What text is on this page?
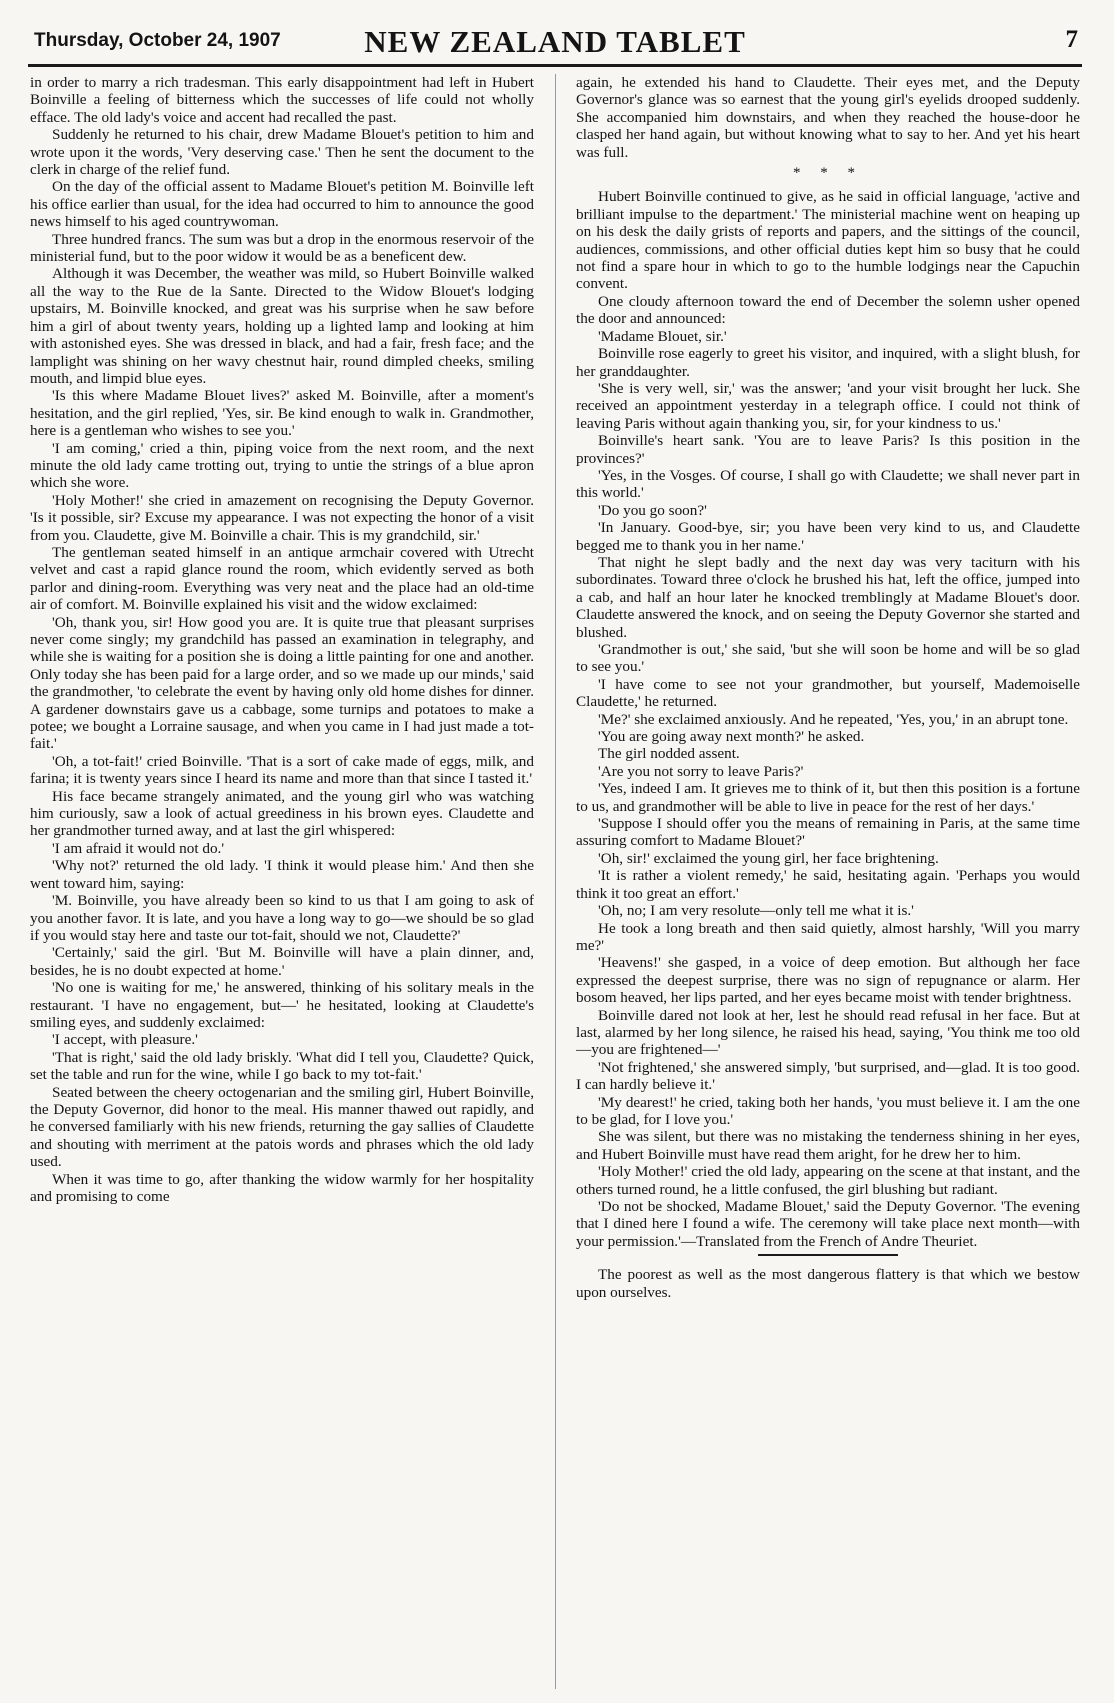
Thursday, October 24, 1907	NEW ZEALAND TABLET	7

in order to marry a rich tradesman. This early disappointment had left in Hubert Boinville a feeling of bitterness which the successes of life could not wholly efface. The old lady's voice and accent had recalled the past.

Suddenly he returned to his chair, drew Madame Blouet's petition to him and wrote upon it the words, 'Very deserving case.' Then he sent the document to the clerk in charge of the relief fund.

On the day of the official assent to Madame Blouet's petition M. Boinville left his office earlier than usual, for the idea had occurred to him to announce the good news himself to his aged countrywoman.

Three hundred francs. The sum was but a drop in the enormous reservoir of the ministerial fund, but to the poor widow it would be as a beneficent dew.

Although it was December, the weather was mild, so Hubert Boinville walked all the way to the Rue de la Sante. Directed to the Widow Blouet's lodging upstairs, M. Boinville knocked, and great was his surprise when he saw before him a girl of about twenty years, holding up a lighted lamp and looking at him with astonished eyes. She was dressed in black, and had a fair, fresh face; and the lamplight was shining on her wavy chestnut hair, round dimpled cheeks, smiling mouth, and limpid blue eyes.

'Is this where Madame Blouet lives?' asked M. Boinville, after a moment's hesitation, and the girl replied, 'Yes, sir. Be kind enough to walk in. Grandmother, here is a gentleman who wishes to see you.'

'I am coming,' cried a thin, piping voice from the next room, and the next minute the old lady came trotting out, trying to untie the strings of a blue apron which she wore.

'Holy Mother!' she cried in amazement on recognising the Deputy Governor. 'Is it possible, sir? Excuse my appearance. I was not expecting the honor of a visit from you. Claudette, give M. Boinville a chair. This is my grandchild, sir.'

The gentleman seated himself in an antique armchair covered with Utrecht velvet and cast a rapid glance round the room, which evidently served as both parlor and dining-room. Everything was very neat and the place had an old-time air of comfort. M. Boinville explained his visit and the widow exclaimed:

'Oh, thank you, sir! How good you are. It is quite true that pleasant surprises never come singly; my grandchild has passed an examination in telegraphy, and while she is waiting for a position she is doing a little painting for one and another. Only today she has been paid for a large order, and so we made up our minds,' said the grandmother, 'to celebrate the event by having only old home dishes for dinner. A gardener downstairs gave us a cabbage, some turnips and potatoes to make a potee; we bought a Lorraine sausage, and when you came in I had just made a tot-fait.'

'Oh, a tot-fait!' cried Boinville. 'That is a sort of cake made of eggs, milk, and farina; it is twenty years since I heard its name and more than that since I tasted it.'

His face became strangely animated, and the young girl who was watching him curiously, saw a look of actual greediness in his brown eyes. Claudette and her grandmother turned away, and at last the girl whispered:

'I am afraid it would not do.'

'Why not?' returned the old lady. 'I think it would please him.' And then she went toward him, saying:

'M. Boinville, you have already been so kind to us that I am going to ask of you another favor. It is late, and you have a long way to go—we should be so glad if you would stay here and taste our tot-fait, should we not, Claudette?'

'Certainly,' said the girl. 'But M. Boinville will have a plain dinner, and, besides, he is no doubt expected at home.'

'No one is waiting for me,' he answered, thinking of his solitary meals in the restaurant. 'I have no engagement, but—' he hesitated, looking at Claudette's smiling eyes, and suddenly exclaimed:

'I accept, with pleasure.'

'That is right,' said the old lady briskly. 'What did I tell you, Claudette? Quick, set the table and run for the wine, while I go back to my tot-fait.'

Seated between the cheery octogenarian and the smiling girl, Hubert Boinville, the Deputy Governor, did honor to the meal. His manner thawed out rapidly, and he conversed familiarly with his new friends, returning the gay sallies of Claudette and shouting with merriment at the patois words and phrases which the old lady used.

When it was time to go, after thanking the widow warmly for her hospitality and promising to come

again, he extended his hand to Claudette. Their eyes met, and the Deputy Governor's glance was so earnest that the young girl's eyelids drooped suddenly. She accompanied him downstairs, and when they reached the house-door he clasped her hand again, but without knowing what to say to her. And yet his heart was full.

* * *

Hubert Boinville continued to give, as he said in official language, 'active and brilliant impulse to the department.' The ministerial machine went on heaping up on his desk the daily grists of reports and papers, and the sittings of the council, audiences, commissions, and other official duties kept him so busy that he could not find a spare hour in which to go to the humble lodgings near the Capuchin convent.

One cloudy afternoon toward the end of December the solemn usher opened the door and announced:

'Madame Blouet, sir.'

Boinville rose eagerly to greet his visitor, and inquired, with a slight blush, for her granddaughter.

'She is very well, sir,' was the answer; 'and your visit brought her luck. She received an appointment yesterday in a telegraph office. I could not think of leaving Paris without again thanking you, sir, for your kindness to us.'

Boinville's heart sank. 'You are to leave Paris? Is this position in the provinces?'

'Yes, in the Vosges. Of course, I shall go with Claudette; we shall never part in this world.'

'Do you go soon?'

'In January. Good-bye, sir; you have been very kind to us, and Claudette begged me to thank you in her name.'

That night he slept badly and the next day was very taciturn with his subordinates. Toward three o'clock he brushed his hat, left the office, jumped into a cab, and half an hour later he knocked tremblingly at Madame Blouet's door. Claudette answered the knock, and on seeing the Deputy Governor she started and blushed.

'Grandmother is out,' she said, 'but she will soon be home and will be so glad to see you.'

'I have come to see not your grandmother, but yourself, Mademoiselle Claudette,' he returned.

'Me?' she exclaimed anxiously. And he repeated, 'Yes, you,' in an abrupt tone.

'You are going away next month?' he asked.

The girl nodded assent.

'Are you not sorry to leave Paris?'

'Yes, indeed I am. It grieves me to think of it, but then this position is a fortune to us, and grandmother will be able to live in peace for the rest of her days.'

'Suppose I should offer you the means of remaining in Paris, at the same time assuring comfort to Madame Blouet?'

'Oh, sir!' exclaimed the young girl, her face brightening.

'It is rather a violent remedy,' he said, hesitating again. 'Perhaps you would think it too great an effort.'

'Oh, no; I am very resolute—only tell me what it is.'

He took a long breath and then said quietly, almost harshly, 'Will you marry me?'

'Heavens!' she gasped, in a voice of deep emotion. But although her face expressed the deepest surprise, there was no sign of repugnance or alarm. Her bosom heaved, her lips parted, and her eyes became moist with tender brightness.

Boinville dared not look at her, lest he should read refusal in her face. But at last, alarmed by her long silence, he raised his head, saying, 'You think me too old—you are frightened—'

'Not frightened,' she answered simply, 'but surprised, and—glad. It is too good. I can hardly believe it.'

'My dearest!' he cried, taking both her hands, 'you must believe it. I am the one to be glad, for I love you.'

She was silent, but there was no mistaking the tenderness shining in her eyes, and Hubert Boinville must have read them aright, for he drew her to him.

'Holy Mother!' cried the old lady, appearing on the scene at that instant, and the others turned round, he a little confused, the girl blushing but radiant.

'Do not be shocked, Madame Blouet,' said the Deputy Governor. 'The evening that I dined here I found a wife. The ceremony will take place next month—with your permission.'—Translated from the French of Andre Theuriet.

The poorest as well as the most dangerous flattery is that which we bestow upon ourselves.
